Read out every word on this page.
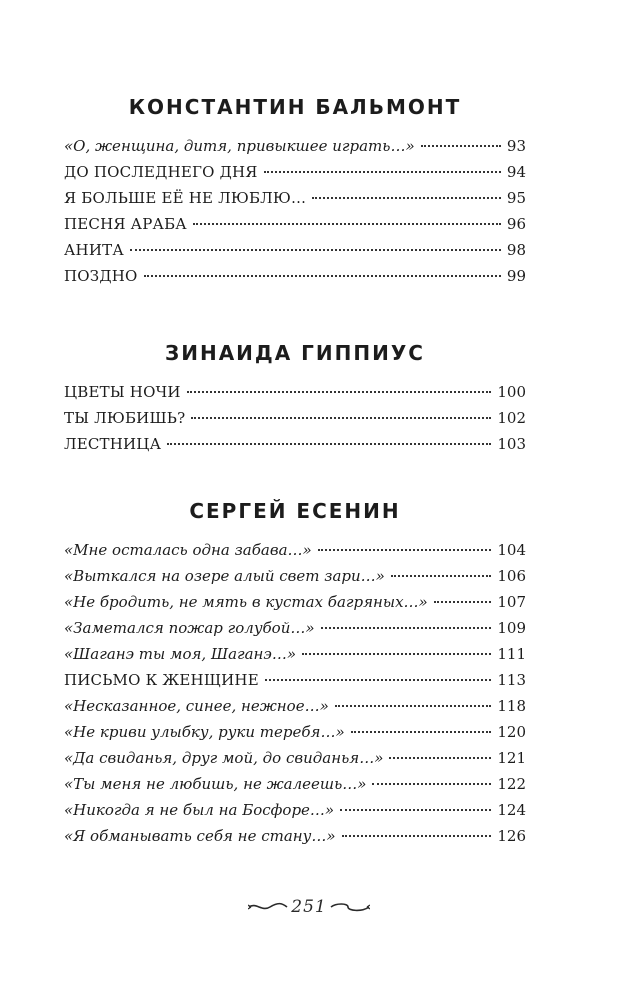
КОНСТАНТИН БАЛЬМОНТ
«О, женщина, дитя, привыкшее играть…»	93
ДО ПОСЛЕДНЕГО ДНЯ	94
Я БОЛЬШЕ ЕЁ НЕ ЛЮБЛЮ…	95
ПЕСНЯ АРАБА	96
АНИТА	98
ПОЗДНО	99
ЗИНАИДА ГИППИУС
ЦВЕТЫ НОЧИ	100
ТЫ ЛЮБИШЬ?	102
ЛЕСТНИЦА	103
СЕРГЕЙ ЕСЕНИН
«Мне осталась одна забава…»	104
«Выткался на озере алый свет зари…»	106
«Не бродить, не мять в кустах багряных…»	107
«Заметался пожар голубой…»	109
«Шаганэ ты моя, Шаганэ…»	111
ПИСЬМО К ЖЕНЩИНЕ	113
«Несказанное, синее, нежное…»	118
«Не криви улыбку, руки теребя…»	120
«Да свиданья, друг мой, до свиданья…»	121
«Ты меня не любишь, не жалеешь…»	122
«Никогда я не был на Босфоре…»	124
«Я обманывать себя не стану…»	126
251
